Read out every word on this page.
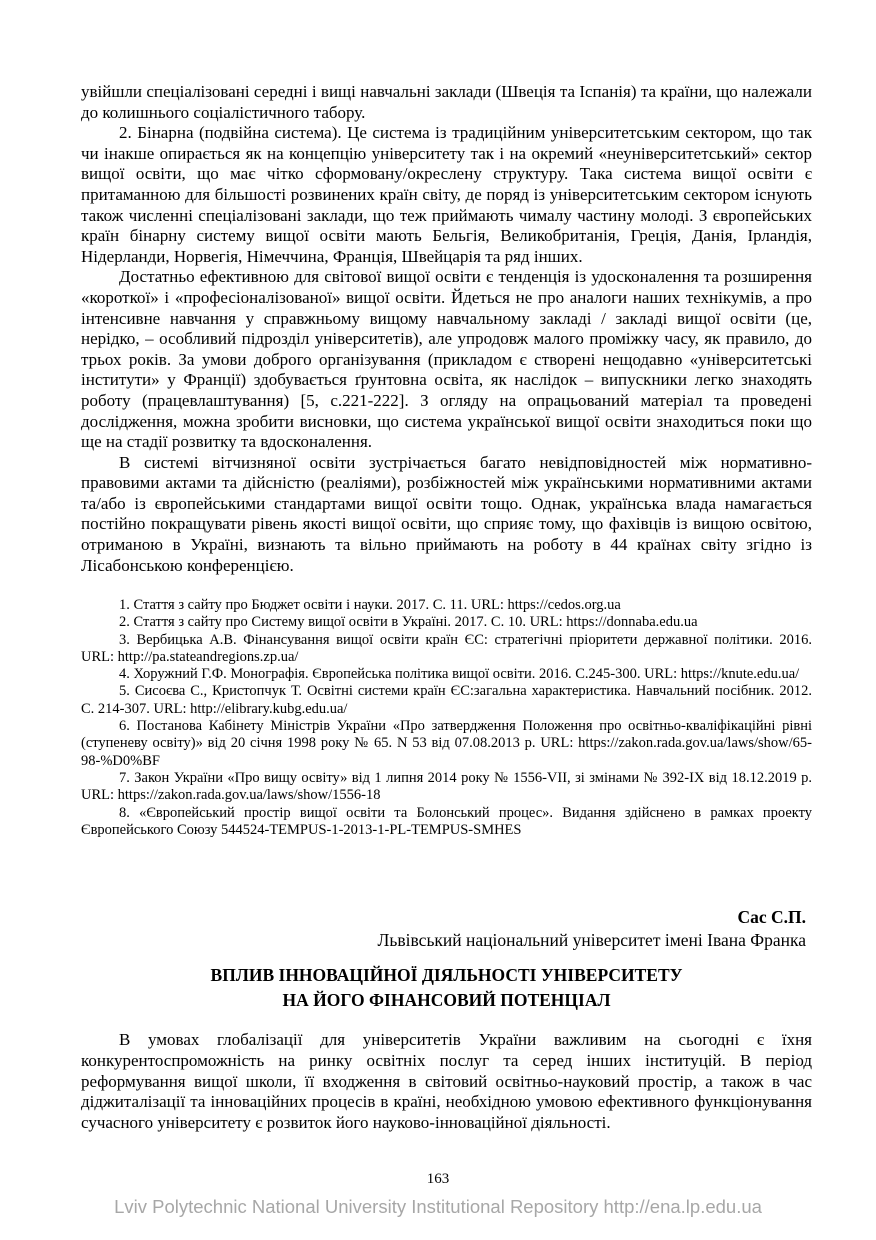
увійшли спеціалізовані середні і вищі навчальні заклади (Швеція та Іспанія) та країни, що належали до колишнього соціалістичного табору.

2. Бінарна (подвійна система). Це система із традиційним університетським сектором, що так чи інакше опирається як на концепцію університету так і на окремий «неуніверситетський» сектор вищої освіти, що має чітко сформовану/окреслену структуру. Така система вищої освіти є притаманною для більшості розвинених країн світу, де поряд із університетським сектором існують також численні спеціалізовані заклади, що теж приймають чималу частину молоді. З європейських країн бінарну систему вищої освіти мають Бельгія, Великобританія, Греція, Данія, Ірландія, Нідерланди, Норвегія, Німеччина, Франція, Швейцарія та ряд інших.

Достатньо ефективною для світової вищої освіти є тенденція із удосконалення та розширення «короткої» і «професіоналізованої» вищої освіти. Йдеться не про аналоги наших технікумів, а про інтенсивне навчання у справжньому вищому навчальному закладі / закладі вищої освіти (це, нерідко, – особливий підрозділ університетів), але упродовж малого проміжку часу, як правило, до трьох років. За умови доброго організування (прикладом є створені нещодавно «університетські інститути» у Франції) здобувається ґрунтовна освіта, як наслідок – випускники легко знаходять роботу (працевлаштування) [5, с.221-222]. З огляду на опрацьований матеріал та проведені дослідження, можна зробити висновки, що система української вищої освіти знаходиться поки що ще на стадії розвитку та вдосконалення.

В системі вітчизняної освіти зустрічається багато невідповідностей між нормативно-правовими актами та дійсністю (реаліями), розбіжностей між українськими нормативними актами та/або із європейськими стандартами вищої освіти тощо. Однак, українська влада намагається постійно покращувати рівень якості вищої освіти, що сприяє тому, що фахівців із вищою освітою, отриманою в Україні, визнають та вільно приймають на роботу в 44 країнах світу згідно із Лісабонською конференцією.

1. Стаття з сайту про Бюджет освіти і науки. 2017. С. 11. URL: https://cedos.org.ua

2. Стаття з сайту про Систему вищої освіти в Україні. 2017. С. 10. URL: https://donnaba.edu.ua

3. Вербицька А.В. Фінансування вищої освіти країн ЄС: стратегічні пріоритети державної політики. 2016. URL: http://pa.stateandregions.zp.ua/

4. Хоружний Г.Ф. Монографія. Європейська політика вищої освіти. 2016. С.245-300. URL: https://knute.edu.ua/

5. Сисоєва С., Кристопчук Т. Освітні системи країн ЄС:загальна характеристика. Навчальний посібник. 2012. С. 214-307. URL: http://elibrary.kubg.edu.ua/

6. Постанова Кабінету Міністрів України «Про затвердження Положення про освітньо-кваліфікаційні рівні (ступеневу освіту)» від 20 січня 1998 року № 65. N 53 від 07.08.2013 р. URL: https://zakon.rada.gov.ua/laws/show/65-98-%D0%BF

7. Закон України «Про вищу освіту» від 1 липня 2014 року № 1556-VII, зі змінами № 392-IX від 18.12.2019 р. URL: https://zakon.rada.gov.ua/laws/show/1556-18

8. «Європейський простір вищої освіти та Болонський процес». Видання здійснено в рамках проекту Європейського Союзу 544524-TEMPUS-1-2013-1-PL-TEMPUS-SMHES

Сас С.П.

Львівський національний університет імені Івана Франка

ВПЛИВ ІННОВАЦІЙНОЇ ДІЯЛЬНОСТІ УНІВЕРСИТЕТУ
НА ЙОГО ФІНАНСОВИЙ ПОТЕНЦІАЛ

В умовах глобалізації для університетів України важливим на сьогодні є їхня конкурентоспроможність на ринку освітніх послуг та серед інших інституцій. В період реформування вищої школи, її входження в світовий освітньо-науковий простір, а також в час діджиталізації та інноваційних процесів в країні, необхідною умовою ефективного функціонування сучасного університету є розвиток його науково-інноваційної діяльності.

163
Lviv Polytechnic National University Institutional Repository http://ena.lp.edu.ua
